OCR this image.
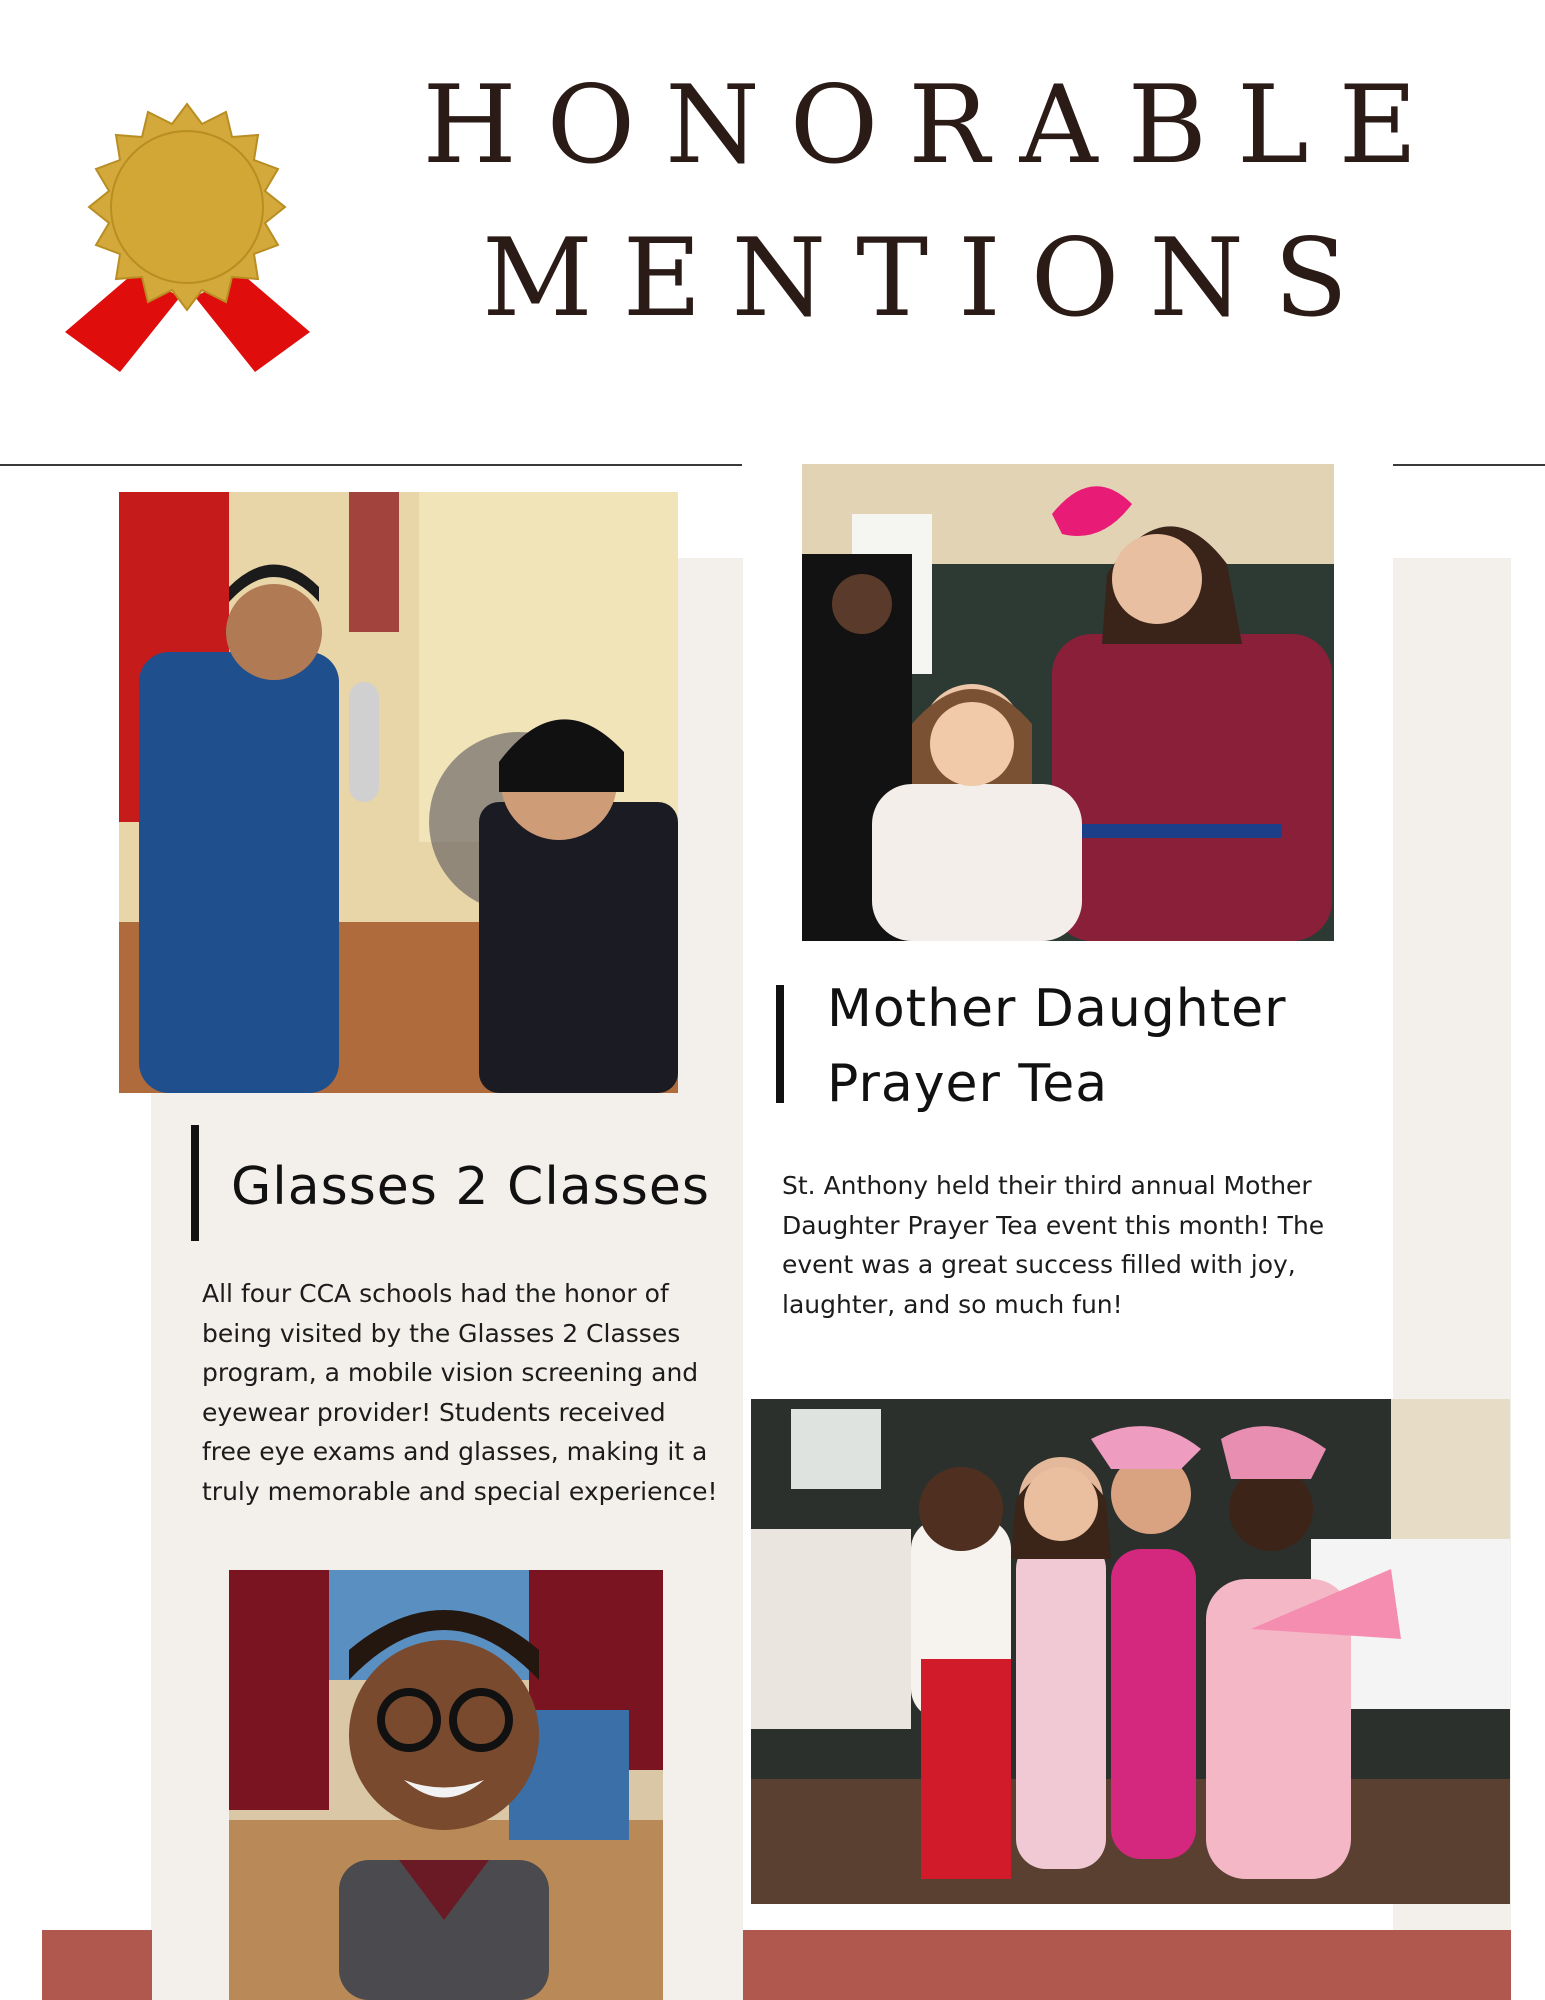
HONORABLE
MENTIONS
Mother Daughter
Prayer Tea
St. Anthony held their third annual Mother Daughter Prayer Tea event this month! The event was a great success filled with joy, laughter, and so much fun!
Glasses 2 Classes
All four CCA schools had the honor of being visited by the Glasses 2 Classes program, a mobile vision screening and eyewear provider! Students received free eye exams and glasses, making it a truly memorable and special experience!
